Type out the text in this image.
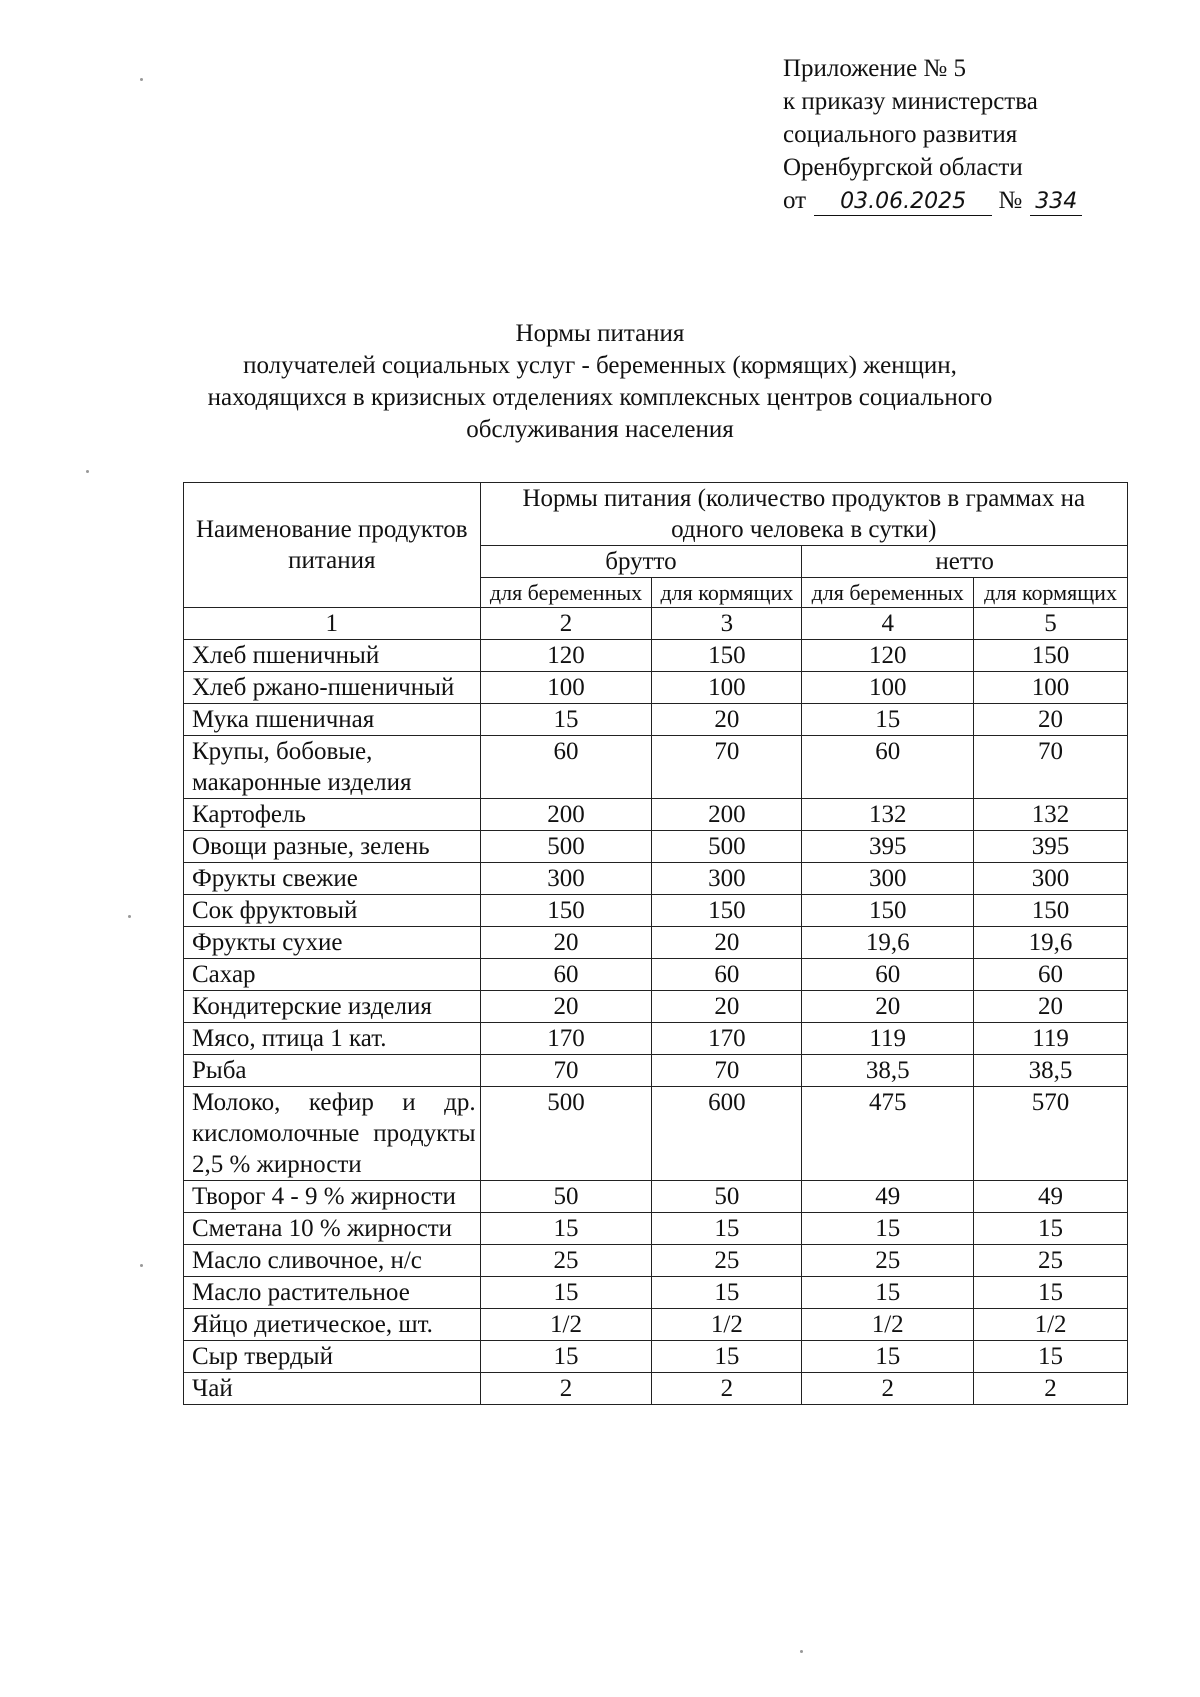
Приложение № 5
к приказу министерства
социального развития
Оренбургской области
от 03.06.2025 № 334
Нормы питания
получателей социальных услуг - беременных (кормящих) женщин,
находящихся в кризисных отделениях комплексных центров социального
обслуживания населения
Наименование продуктов питания	Нормы питания (количество продуктов в граммах на одного человека в сутки)			
	брутто		нетто	
	для беременных	для кормящих	для беременных	для кормящих
1	2	3	4	5
Хлеб пшеничный	120	150	120	150
Хлеб ржано-пшеничный	100	100	100	100
Мука пшеничная	15	20	15	20
Крупы, бобовые, макаронные изделия	60	70	60	70
Картофель	200	200	132	132
Овощи разные, зелень	500	500	395	395
Фрукты свежие	300	300	300	300
Сок фруктовый	150	150	150	150
Фрукты сухие	20	20	19,6	19,6
Сахар	60	60	60	60
Кондитерские изделия	20	20	20	20
Мясо, птица 1 кат.	170	170	119	119
Рыба	70	70	38,5	38,5
Молоко, кефир и др. кисломолочные продукты 2,5 % жирности	500	600	475	570
Творог 4 - 9 % жирности	50	50	49	49
Сметана 10 % жирности	15	15	15	15
Масло сливочное, н/с	25	25	25	25
Масло растительное	15	15	15	15
Яйцо диетическое, шт.	1/2	1/2	1/2	1/2
Сыр твердый	15	15	15	15
Чай	2	2	2	2
